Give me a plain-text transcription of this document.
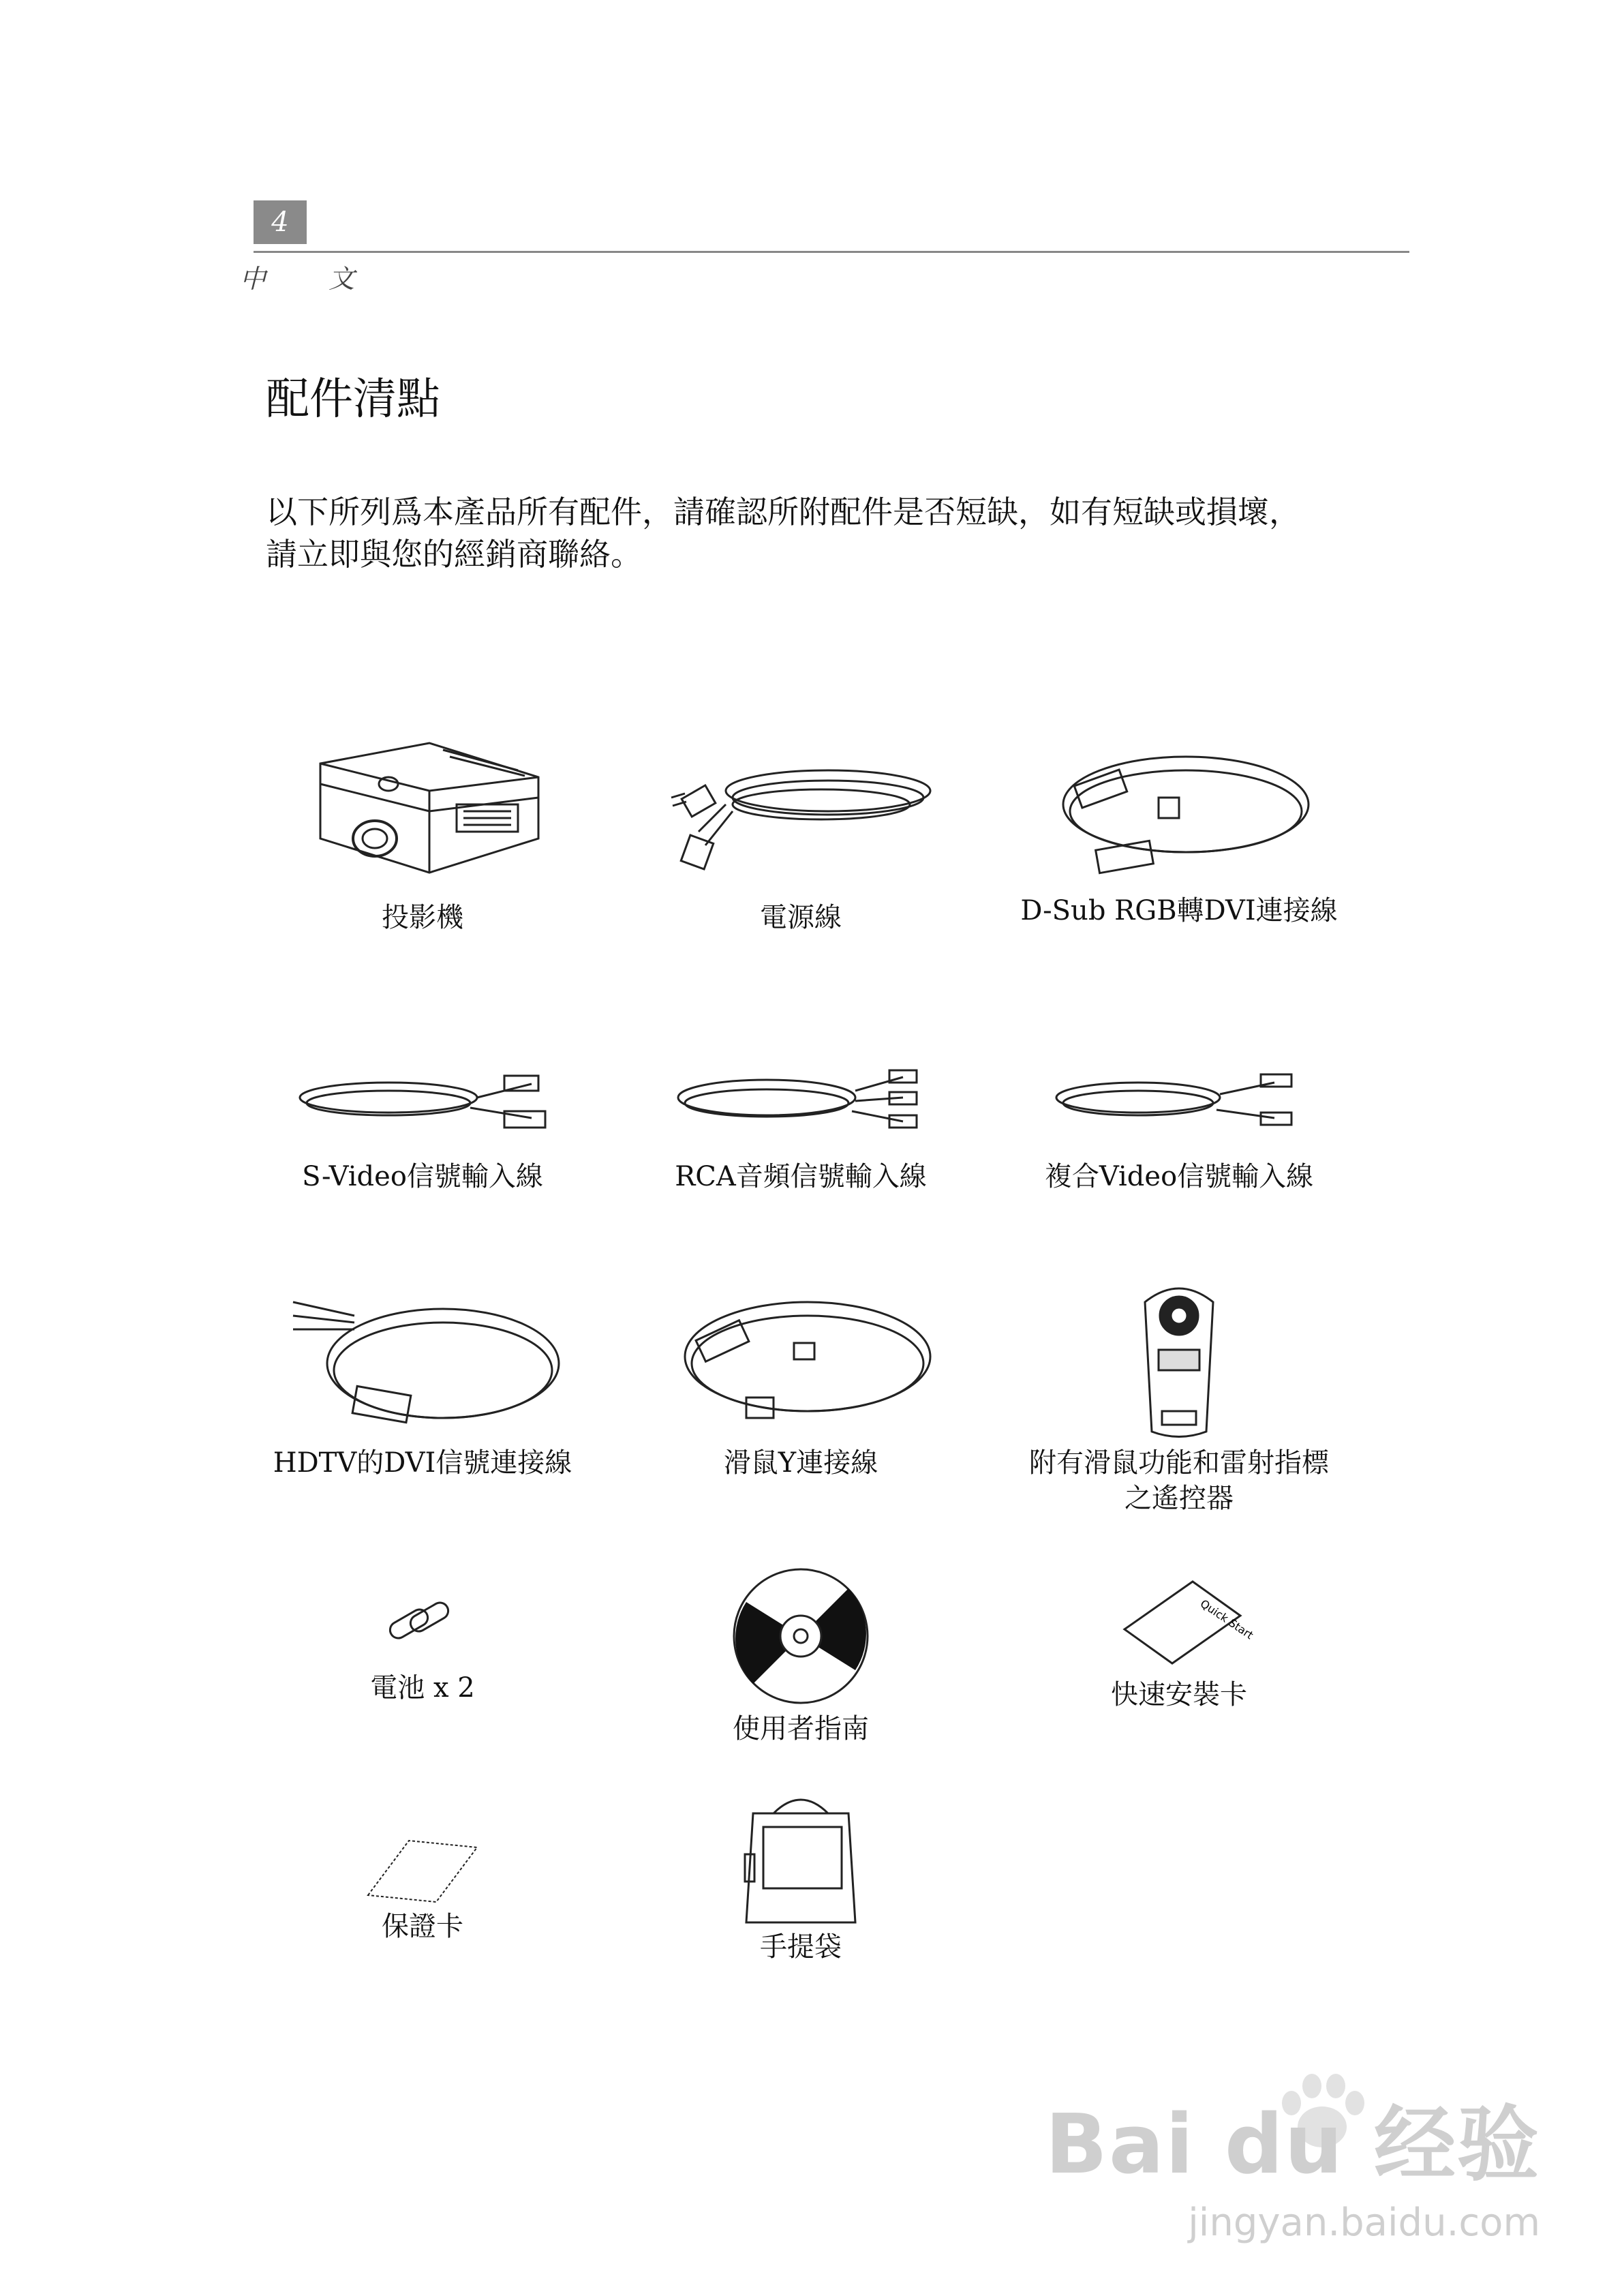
4
中 文
配件清點
以下所列爲本產品所有配件，請確認所附配件是否短缺，如有短缺或損壞，請立即與您的經銷商聯絡。
投影機	電源線	D-Sub RGB轉DVI連接線
S-Video信號輸入線	RCA音頻信號輸入線	複合Video信號輸入線
HDTV的DVI信號連接線	滑鼠Y連接線	附有滑鼠功能和雷射指標
之遙控器
電池 x 2
使用者指南
Quick Start
快速安裝卡
保證卡
手提袋
Bai du 经验
jingyan.baidu.com
